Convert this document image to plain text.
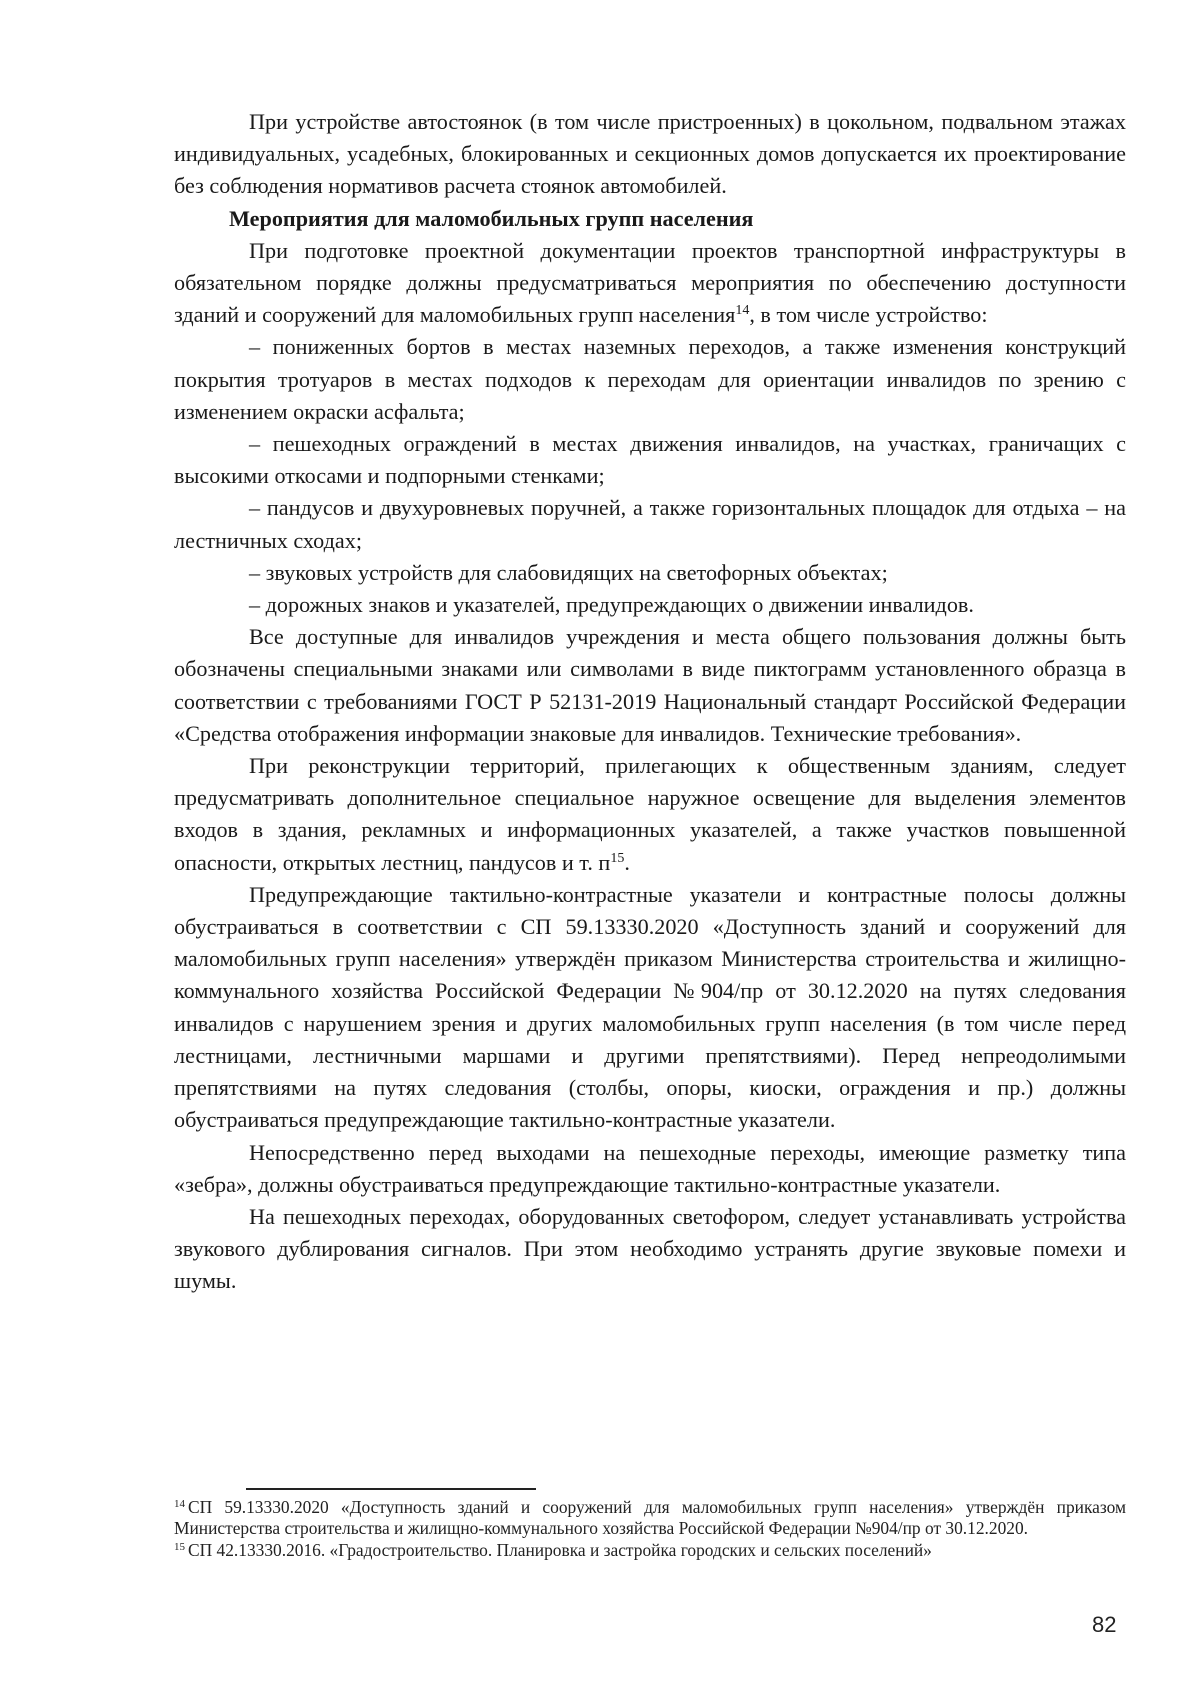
При устройстве автостоянок (в том числе пристроенных) в цокольном, подвальном этажах индивидуальных, усадебных, блокированных и секционных домов допускается их проектирование без соблюдения нормативов расчета стоянок автомобилей.

Мероприятия для маломобильных групп населения

При подготовке проектной документации проектов транспортной инфраструктуры в обязательном порядке должны предусматриваться мероприятия по обеспечению доступности зданий и сооружений для маломобильных групп населения$^{14}$, в том числе устройство:

– пониженных бортов в местах наземных переходов, а также изменения конструкций покрытия тротуаров в местах подходов к переходам для ориентации инвалидов по зрению с изменением окраски асфальта;

– пешеходных ограждений в местах движения инвалидов, на участках, граничащих с высокими откосами и подпорными стенками;

– пандусов и двухуровневых поручней, а также горизонтальных площадок для отдыха – на лестничных сходах;

– звуковых устройств для слабовидящих на светофорных объектах;

– дорожных знаков и указателей, предупреждающих о движении инвалидов.

Все доступные для инвалидов учреждения и места общего пользования должны быть обозначены специальными знаками или символами в виде пиктограмм установленного образца в соответствии с требованиями ГОСТ Р 52131-2019 Национальный стандарт Российской Федерации «Средства отображения информации знаковые для инвалидов. Технические требования».

При реконструкции территорий, прилегающих к общественным зданиям, следует предусматривать дополнительное специальное наружное освещение для выделения элементов входов в здания, рекламных и информационных указателей, а также участков повышенной опасности, открытых лестниц, пандусов и т. $п^{15}$.

Предупреждающие тактильно-контрастные указатели и контрастные полосы должны обустраиваться в соответствии с СП 59.13330.2020 «Доступность зданий и сооружений для маломобильных групп населения» утверждён приказом Министерства строительства и жилищно-коммунального хозяйства Российской Федерации №904/пр от 30.12.2020 на путях следования инвалидов с нарушением зрения и других маломобильных групп населения (в том числе перед лестницами, лестничными маршами и другими препятствиями). Перед непреодолимыми препятствиями на путях следования (столбы, опоры, киоски, ограждения и пр.) должны обустраиваться предупреждающие тактильно-контрастные указатели.

Непосредственно перед выходами на пешеходные переходы, имеющие разметку типа «зебра», должны обустраиваться предупреждающие тактильно-контрастные указатели.

На пешеходных переходах, оборудованных светофором, следует устанавливать устройства звукового дублирования сигналов. При этом необходимо устранять другие звуковые помехи и шумы.

$^{14}$ СП 59.13330.2020 «Доступность зданий и сооружений для маломобильных групп населения» утверждён приказом Министерства строительства и жилищно-коммунального хозяйства Российской Федерации №904/пр от 30.12.2020.

$^{15}$ СП 42.13330.2016. «Градостроительство. Планировка и застройка городских и сельских поселений»

82
